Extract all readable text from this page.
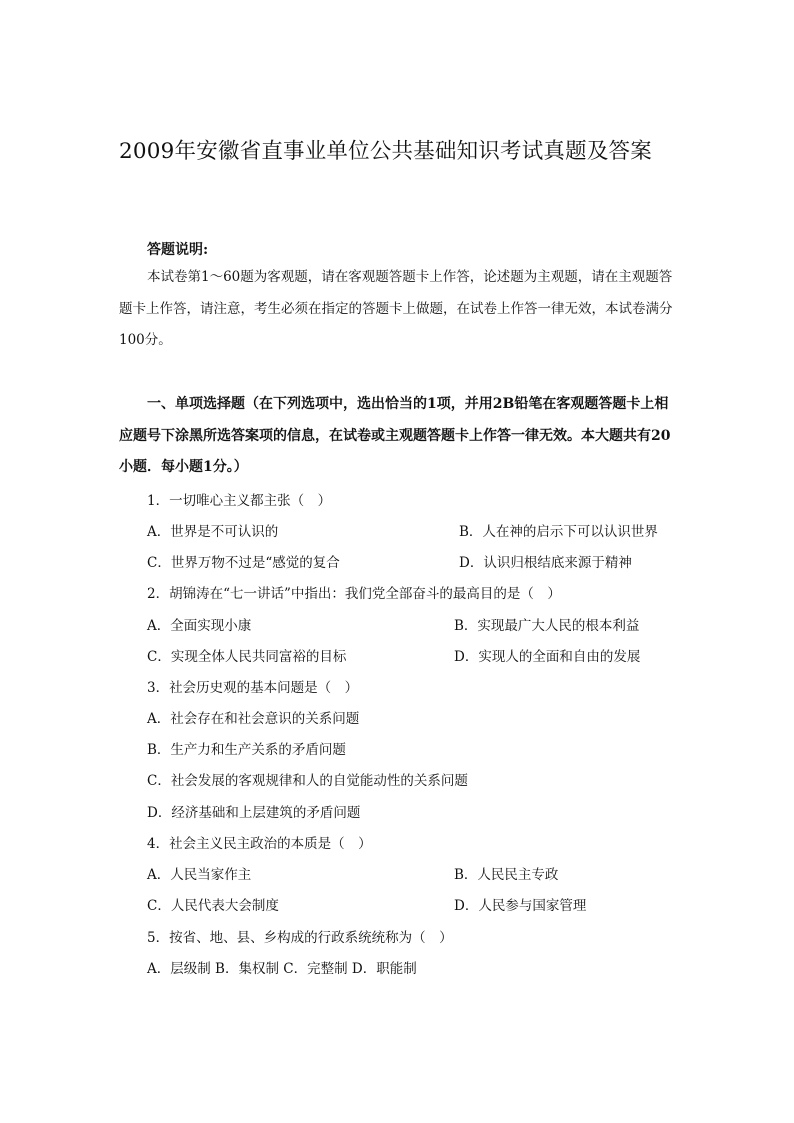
2009年安徽省直事业单位公共基础知识考试真题及答案
答题说明:
本试卷第1～60题为客观题，请在客观题答题卡上作答，论述题为主观题，请在主观题答题卡上作答，请注意，考生必须在指定的答题卡上做题，在试卷上作答一律无效，本试卷满分100分。
一、单项选择题（在下列选项中，选出恰当的1项，并用2B铅笔在客观题答题卡上相应题号下涂黑所选答案项的信息，在试卷或主观题答题卡上作答一律无效。本大题共有20小题．每小题1分。）
1．一切唯心主义都主张（　）
A．世界是不可认识的	B．人在神的启示下可以认识世界
C．世界万物不过是“感觉的复合	D．认识归根结底来源于精神
2．胡锦涛在“七一讲话”中指出：我们党全部奋斗的最高目的是（　）
A．全面实现小康	B．实现最广大人民的根本利益
C．实现全体人民共同富裕的目标	D．实现人的全面和自由的发展
3．社会历史观的基本问题是（　）
A．社会存在和社会意识的关系问题
B．生产力和生产关系的矛盾问题
C．社会发展的客观规律和人的自觉能动性的关系问题
D．经济基础和上层建筑的矛盾问题
4．社会主义民主政治的本质是（　）
A．人民当家作主	B．人民民主专政
C．人民代表大会制度	D．人民参与国家管理
5．按省、地、县、乡构成的行政系统统称为（　）
A．层级制 B．集权制 C．完整制 D．职能制
